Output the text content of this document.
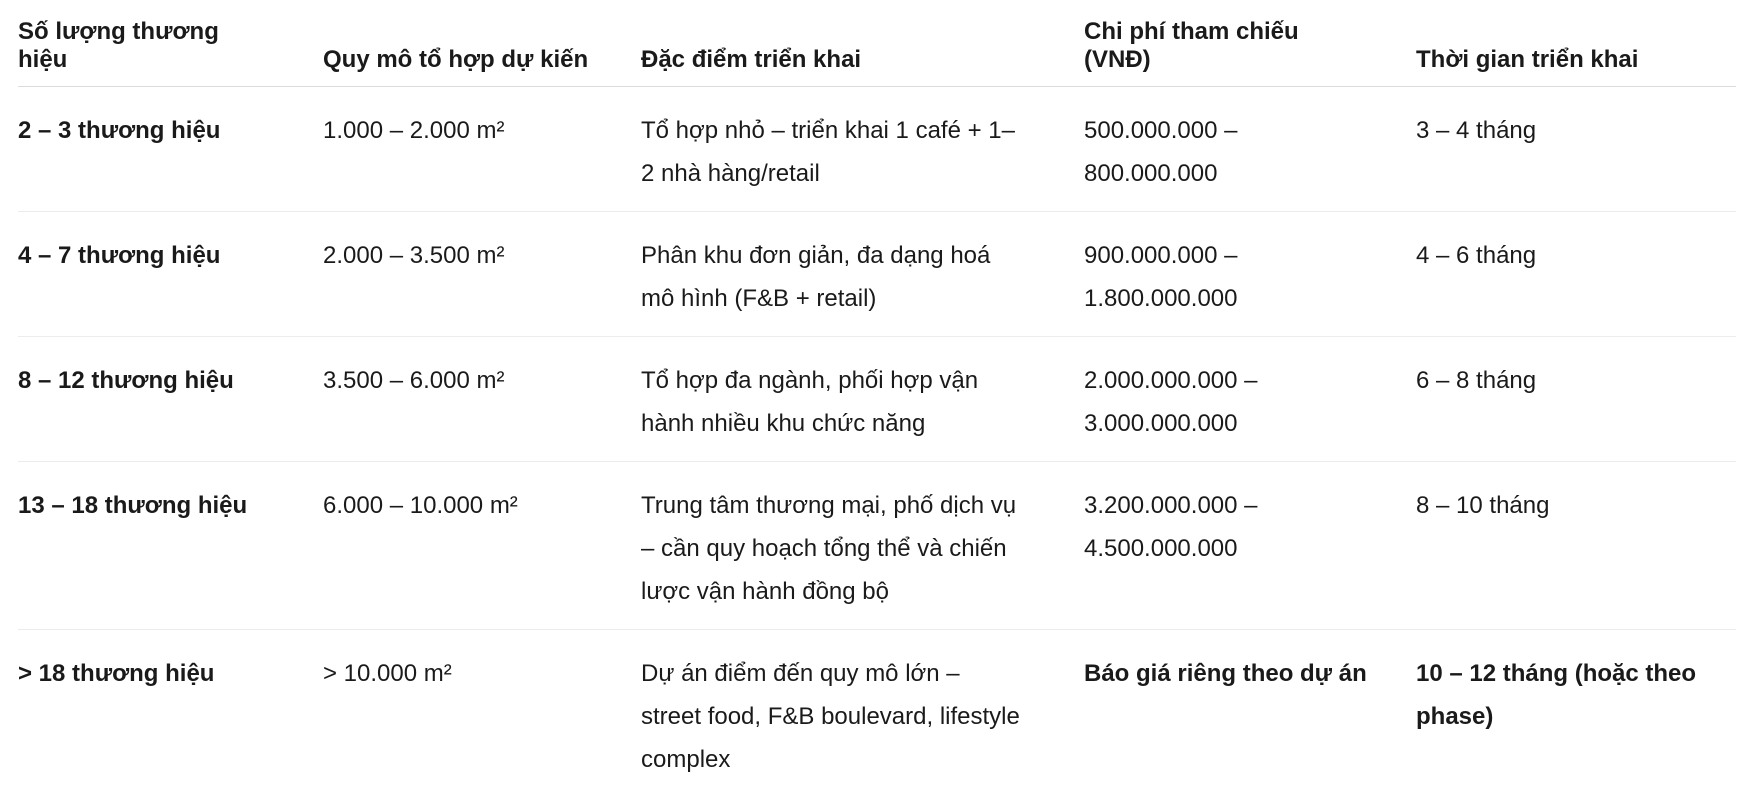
Số lượng thương hiệu	Quy mô tổ hợp dự kiến	Đặc điểm triển khai	Chi phí tham chiếu (VNĐ)	Thời gian triển khai
2 – 3 thương hiệu	1.000 – 2.000 m²	Tổ hợp nhỏ – triển khai 1 café + 1–2 nhà hàng/retail	500.000.000 – 800.000.000	3 – 4 tháng
4 – 7 thương hiệu	2.000 – 3.500 m²	Phân khu đơn giản, đa dạng hoá mô hình (F&B + retail)	900.000.000 – 1.800.000.000	4 – 6 tháng
8 – 12 thương hiệu	3.500 – 6.000 m²	Tổ hợp đa ngành, phối hợp vận hành nhiều khu chức năng	2.000.000.000 – 3.000.000.000	6 – 8 tháng
13 – 18 thương hiệu	6.000 – 10.000 m²	Trung tâm thương mại, phố dịch vụ – cần quy hoạch tổng thể và chiến lược vận hành đồng bộ	3.200.000.000 – 4.500.000.000	8 – 10 tháng
> 18 thương hiệu	> 10.000 m²	Dự án điểm đến quy mô lớn – street food, F&B boulevard, lifestyle complex	Báo giá riêng theo dự án	10 – 12 tháng (hoặc theo phase)
